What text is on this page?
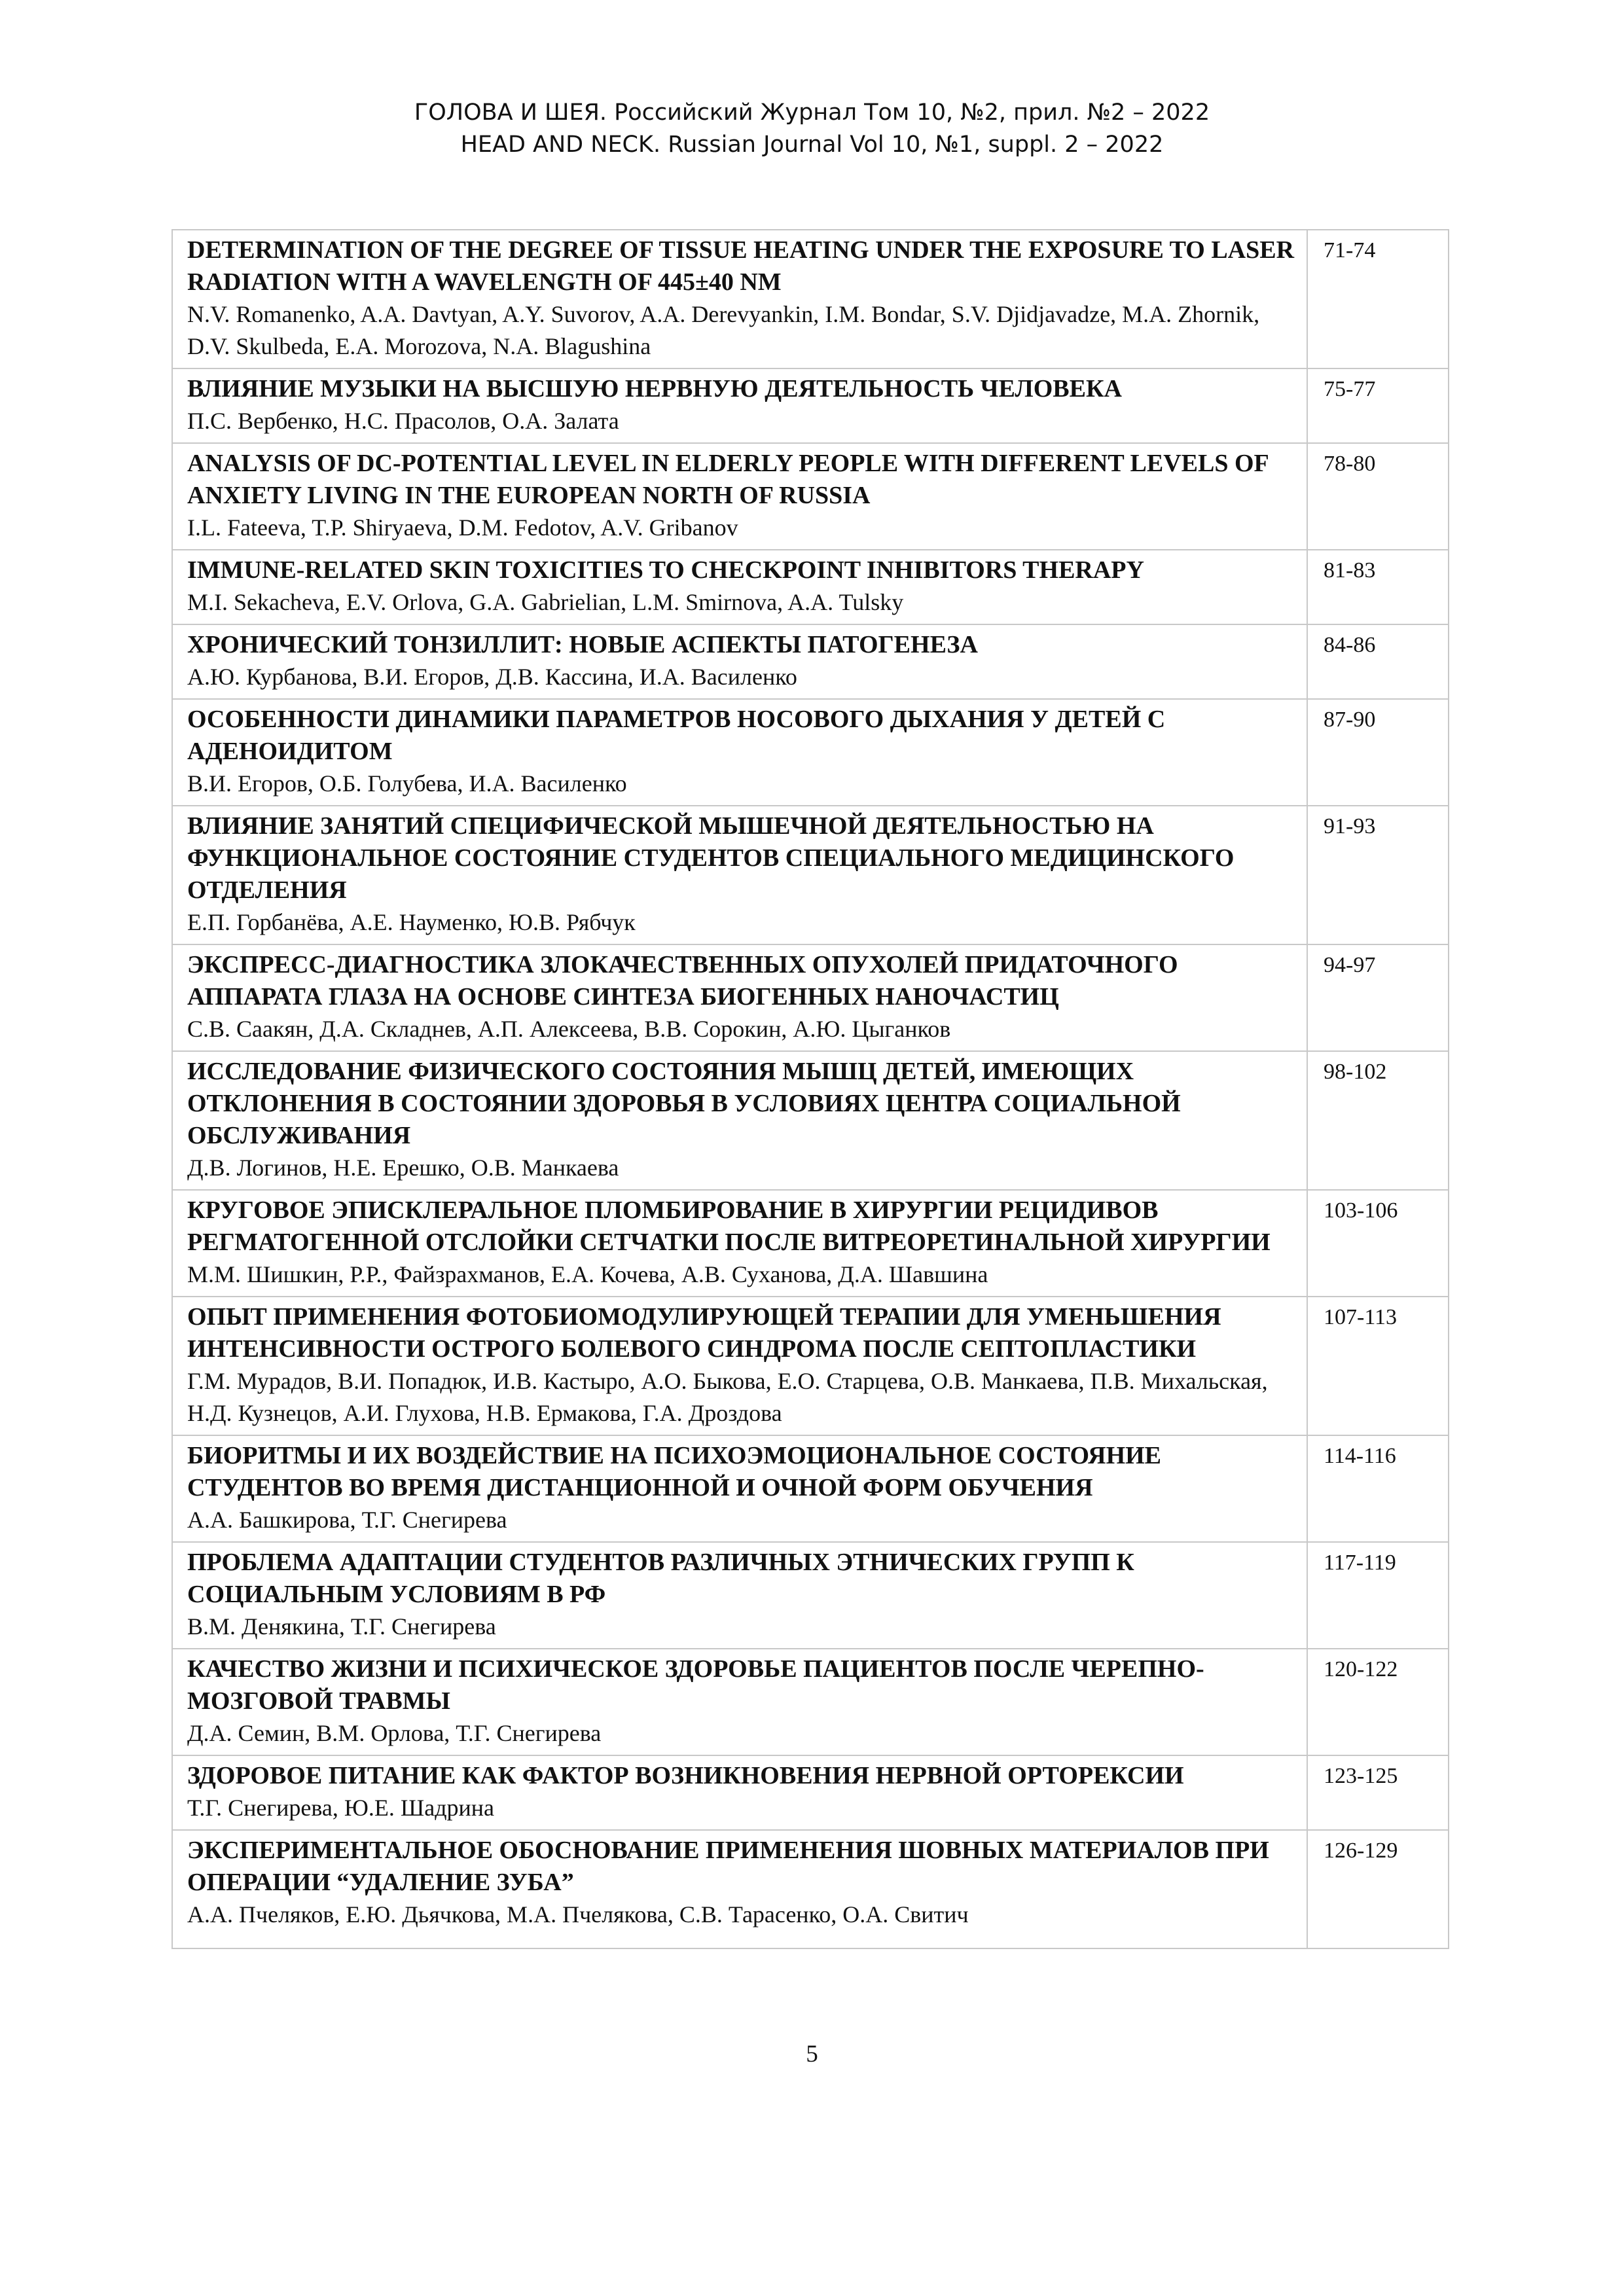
ГОЛОВА И ШЕЯ. Российский Журнал Том 10, №2, прил. №2 – 2022
HEAD AND NECK. Russian Journal Vol 10, №1, suppl. 2 – 2022
DETERMINATION OF THE DEGREE OF TISSUE HEATING UNDER THE EXPOSURE TO LASER RADIATION WITH A WAVELENGTH OF 445±40 NM
N.V. Romanenko, A.A. Davtyan, A.Y. Suvorov, A.A. Derevyankin, I.M. Bondar, S.V. Djidjavadze, M.A. Zhornik, D.V. Skulbeda, E.A. Morozova, N.A. Blagushina	71-74

ВЛИЯНИЕ МУЗЫКИ НА ВЫСШУЮ НЕРВНУЮ ДЕЯТЕЛЬНОСТЬ ЧЕЛОВЕКА
П.С. Вербенко, Н.С. Прасолов, О.А. Залата	75-77

ANALYSIS OF DC-POTENTIAL LEVEL IN ELDERLY PEOPLE WITH DIFFERENT LEVELS OF ANXIETY LIVING IN THE EUROPEAN NORTH OF RUSSIA
I.L. Fateeva, T.P. Shiryaeva, D.M. Fedotov, A.V. Gribanov	78-80

IMMUNE-RELATED SKIN TOXICITIES TO CHECKPOINT INHIBITORS THERAPY
M.I. Sekacheva, E.V. Orlova, G.A. Gabrielian, L.M. Smirnova, A.A. Tulsky	81-83

ХРОНИЧЕСКИЙ ТОНЗИЛЛИТ: НОВЫЕ АСПЕКТЫ ПАТОГЕНЕЗА
А.Ю. Курбанова, В.И. Егоров, Д.В. Кассина, И.А. Василенко	84-86

ОСОБЕННОСТИ ДИНАМИКИ ПАРАМЕТРОВ НОСОВОГО ДЫХАНИЯ У ДЕТЕЙ С АДЕНОИДИТОМ
В.И. Егоров, О.Б. Голубева, И.А. Василенко	87-90

ВЛИЯНИЕ ЗАНЯТИЙ СПЕЦИФИЧЕСКОЙ МЫШЕЧНОЙ ДЕЯТЕЛЬНОСТЬЮ НА ФУНКЦИОНАЛЬНОЕ СОСТОЯНИЕ СТУДЕНТОВ СПЕЦИАЛЬНОГО МЕДИЦИНСКОГО ОТДЕЛЕНИЯ
Е.П. Горбанёва, А.Е. Науменко, Ю.В. Рябчук	91-93

ЭКСПРЕСС-ДИАГНОСТИКА ЗЛОКАЧЕСТВЕННЫХ ОПУХОЛЕЙ ПРИДАТОЧНОГО АППАРАТА ГЛАЗА НА ОСНОВЕ СИНТЕЗА БИОГЕННЫХ НАНОЧАСТИЦ
С.В. Саакян, Д.А. Складнев, А.П. Алексеева, В.В. Сорокин, А.Ю. Цыганков	94-97

ИССЛЕДОВАНИЕ ФИЗИЧЕСКОГО СОСТОЯНИЯ МЫШЦ ДЕТЕЙ, ИМЕЮЩИХ ОТКЛОНЕНИЯ В СОСТОЯНИИ ЗДОРОВЬЯ В УСЛОВИЯХ ЦЕНТРА СОЦИАЛЬНОЙ ОБСЛУЖИВАНИЯ
Д.В. Логинов, Н.Е. Ерешко, О.В. Манкаева	98-102

КРУГОВОЕ ЭПИСКЛЕРАЛЬНОЕ ПЛОМБИРОВАНИЕ В ХИРУРГИИ РЕЦИДИВОВ РЕГМАТОГЕННОЙ ОТСЛОЙКИ СЕТЧАТКИ ПОСЛЕ ВИТРЕОРЕТИНАЛЬНОЙ ХИРУРГИИ
М.М. Шишкин, Р.Р., Файзрахманов, Е.А. Кочева, А.В. Суханова, Д.А. Шавшина	103-106

ОПЫТ ПРИМЕНЕНИЯ ФОТОБИОМОДУЛИРУЮЩЕЙ ТЕРАПИИ ДЛЯ УМЕНЬШЕНИЯ ИНТЕНСИВНОСТИ ОСТРОГО БОЛЕВОГО СИНДРОМА ПОСЛЕ СЕПТОПЛАСТИКИ
Г.М. Мурадов, В.И. Попадюк, И.В. Кастыро, А.О. Быкова, Е.О. Старцева, О.В. Манкаева, П.В. Михальская, Н.Д. Кузнецов, А.И. Глухова, Н.В. Ермакова, Г.А. Дроздова	107-113

БИОРИТМЫ И ИХ ВОЗДЕЙСТВИЕ НА ПСИХОЭМОЦИОНАЛЬНОЕ СОСТОЯНИЕ СТУДЕНТОВ ВО ВРЕМЯ ДИСТАНЦИОННОЙ И ОЧНОЙ ФОРМ ОБУЧЕНИЯ
А.А. Башкирова, Т.Г. Снегирева	114-116

ПРОБЛЕМА АДАПТАЦИИ СТУДЕНТОВ РАЗЛИЧНЫХ ЭТНИЧЕСКИХ ГРУПП К СОЦИАЛЬНЫМ УСЛОВИЯМ В РФ
В.М. Денякина, Т.Г. Снегирева	117-119

КАЧЕСТВО ЖИЗНИ И ПСИХИЧЕСКОЕ ЗДОРОВЬЕ ПАЦИЕНТОВ ПОСЛЕ ЧЕРЕПНО-МОЗГОВОЙ ТРАВМЫ
Д.А. Семин, В.М. Орлова, Т.Г. Снегирева	120-122

ЗДОРОВОЕ ПИТАНИЕ КАК ФАКТОР ВОЗНИКНОВЕНИЯ НЕРВНОЙ ОРТОРЕКСИИ
Т.Г. Снегирева, Ю.Е. Шадрина	123-125

ЭКСПЕРИМЕНТАЛЬНОЕ ОБОСНОВАНИЕ ПРИМЕНЕНИЯ ШОВНЫХ МАТЕРИАЛОВ ПРИ ОПЕРАЦИИ “УДАЛЕНИЕ ЗУБА”
А.А. Пчеляков, Е.Ю. Дьячкова, М.А. Пчелякова, С.В. Тарасенко, О.А. Свитич	126-129
5
